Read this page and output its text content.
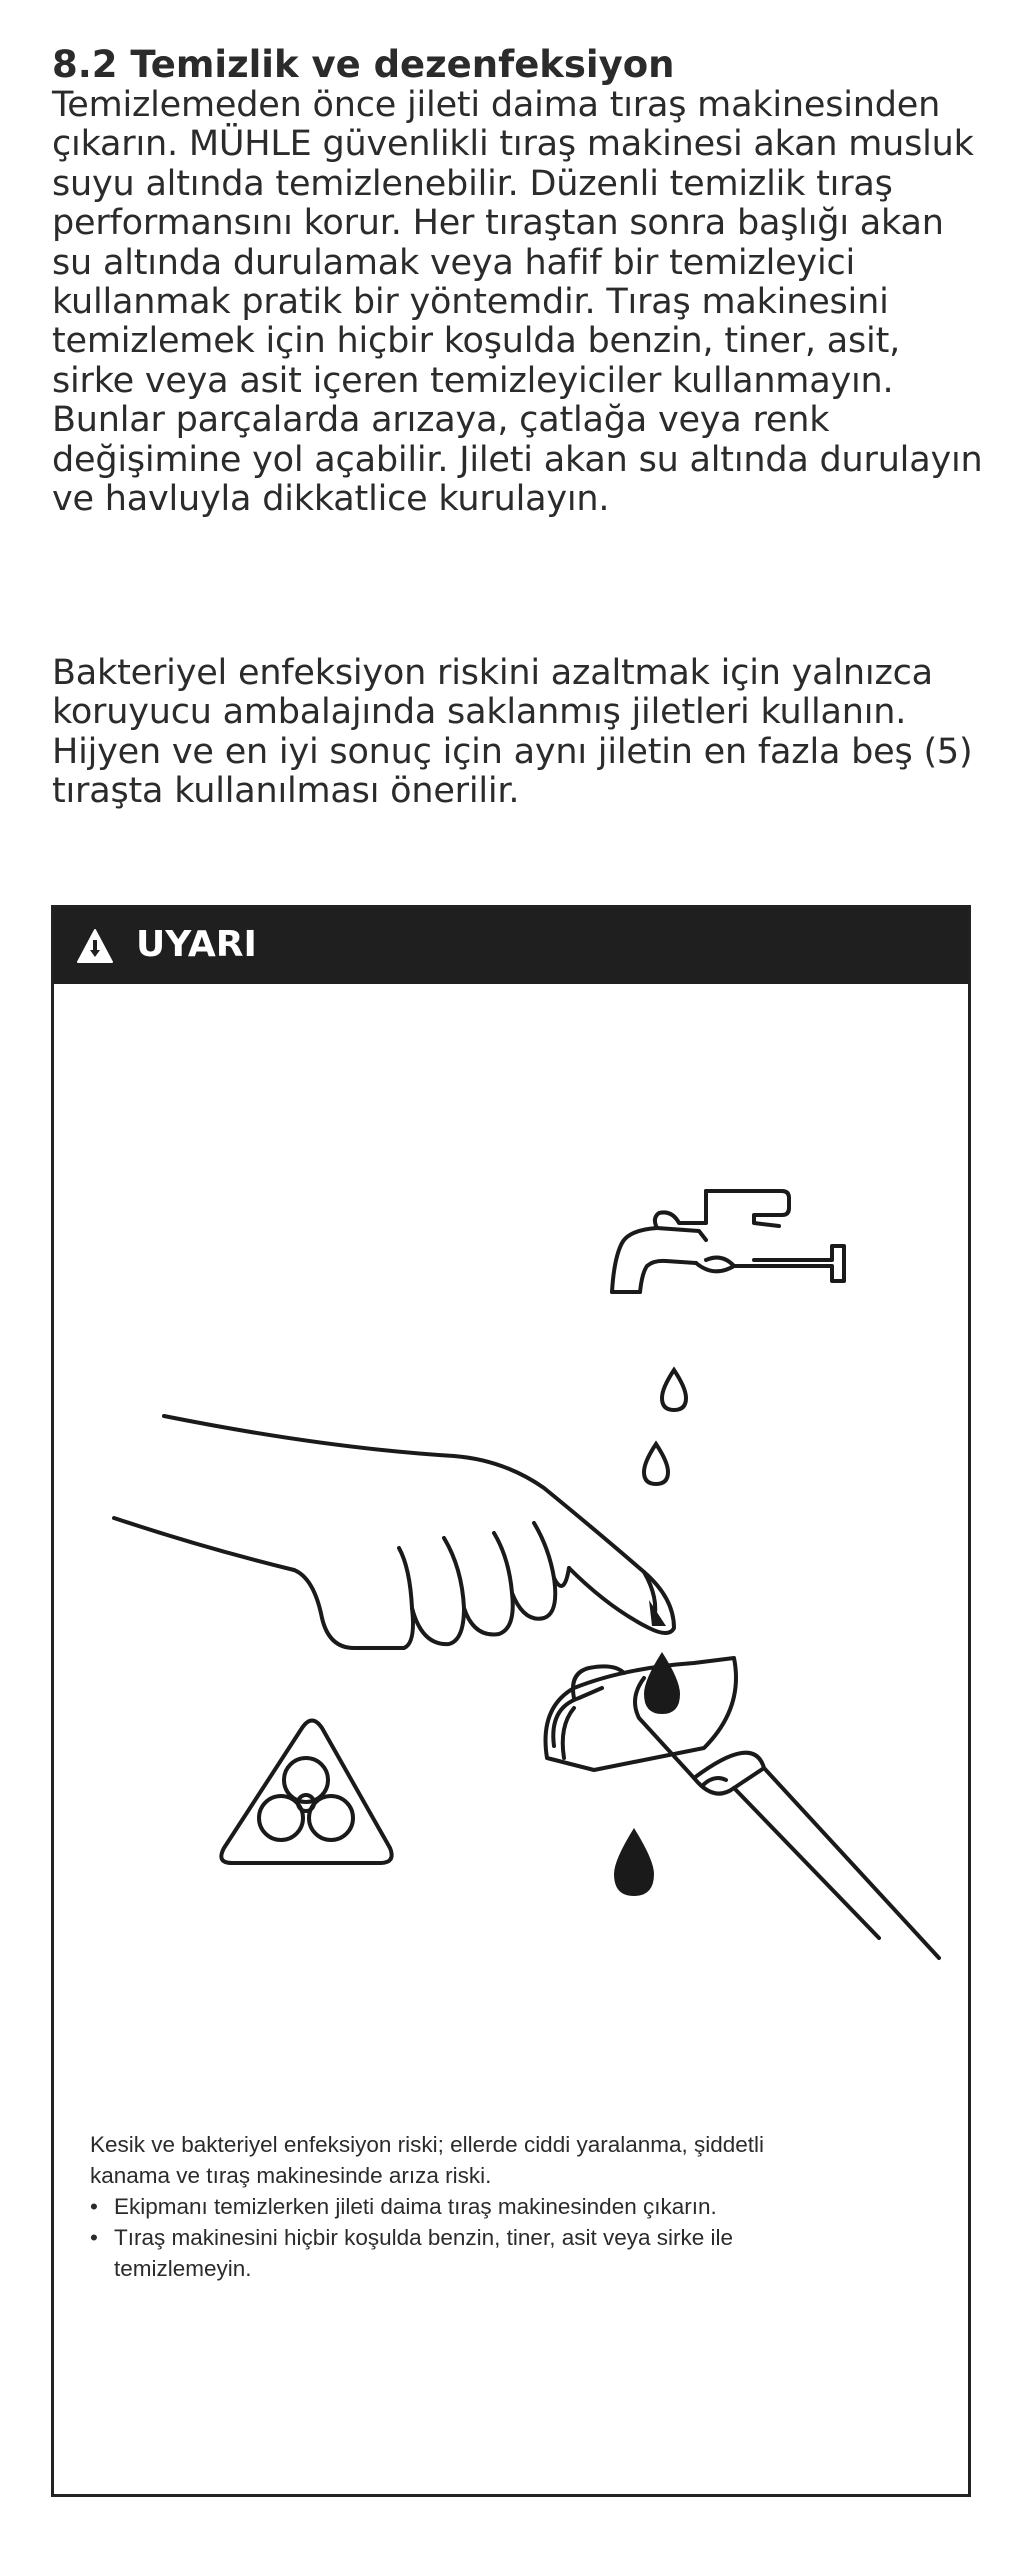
8.2 Temizlik ve dezenfeksiyon
Temizlemeden önce jileti daima tıraş makinesinden
çıkarın. MÜHLE güvenlikli tıraş makinesi akan musluk
suyu altında temizlenebilir. Düzenli temizlik tıraş
performansını korur. Her tıraştan sonra başlığı akan
su altında durulamak veya hafif bir temizleyici
kullanmak pratik bir yöntemdir. Tıraş makinesini
temizlemek için hiçbir koşulda benzin, tiner, asit,
sirke veya asit içeren temizleyiciler kullanmayın.
Bunlar parçalarda arızaya, çatlağa veya renk
değişimine yol açabilir. Jileti akan su altında durulayın
ve havluyla dikkatlice kurulayın.
Bakteriyel enfeksiyon riskini azaltmak için yalnızca
koruyucu ambalajında saklanmış jiletleri kullanın.
Hijyen ve en iyi sonuç için aynı jiletin en fazla beş (5)
tıraşta kullanılması önerilir.
UYARI

Kesik ve bakteriyel enfeksiyon riski; ellerde ciddi yaralanma, şiddetli

kanama ve tıraş makinesinde arıza riski.

• Ekipmanı temizlerken jileti daima tıraş makinesinden çıkarın.
• Tıraş makinesini hiçbir koşulda benzin, tiner, asit veya sirke ile
temizlemeyin.
